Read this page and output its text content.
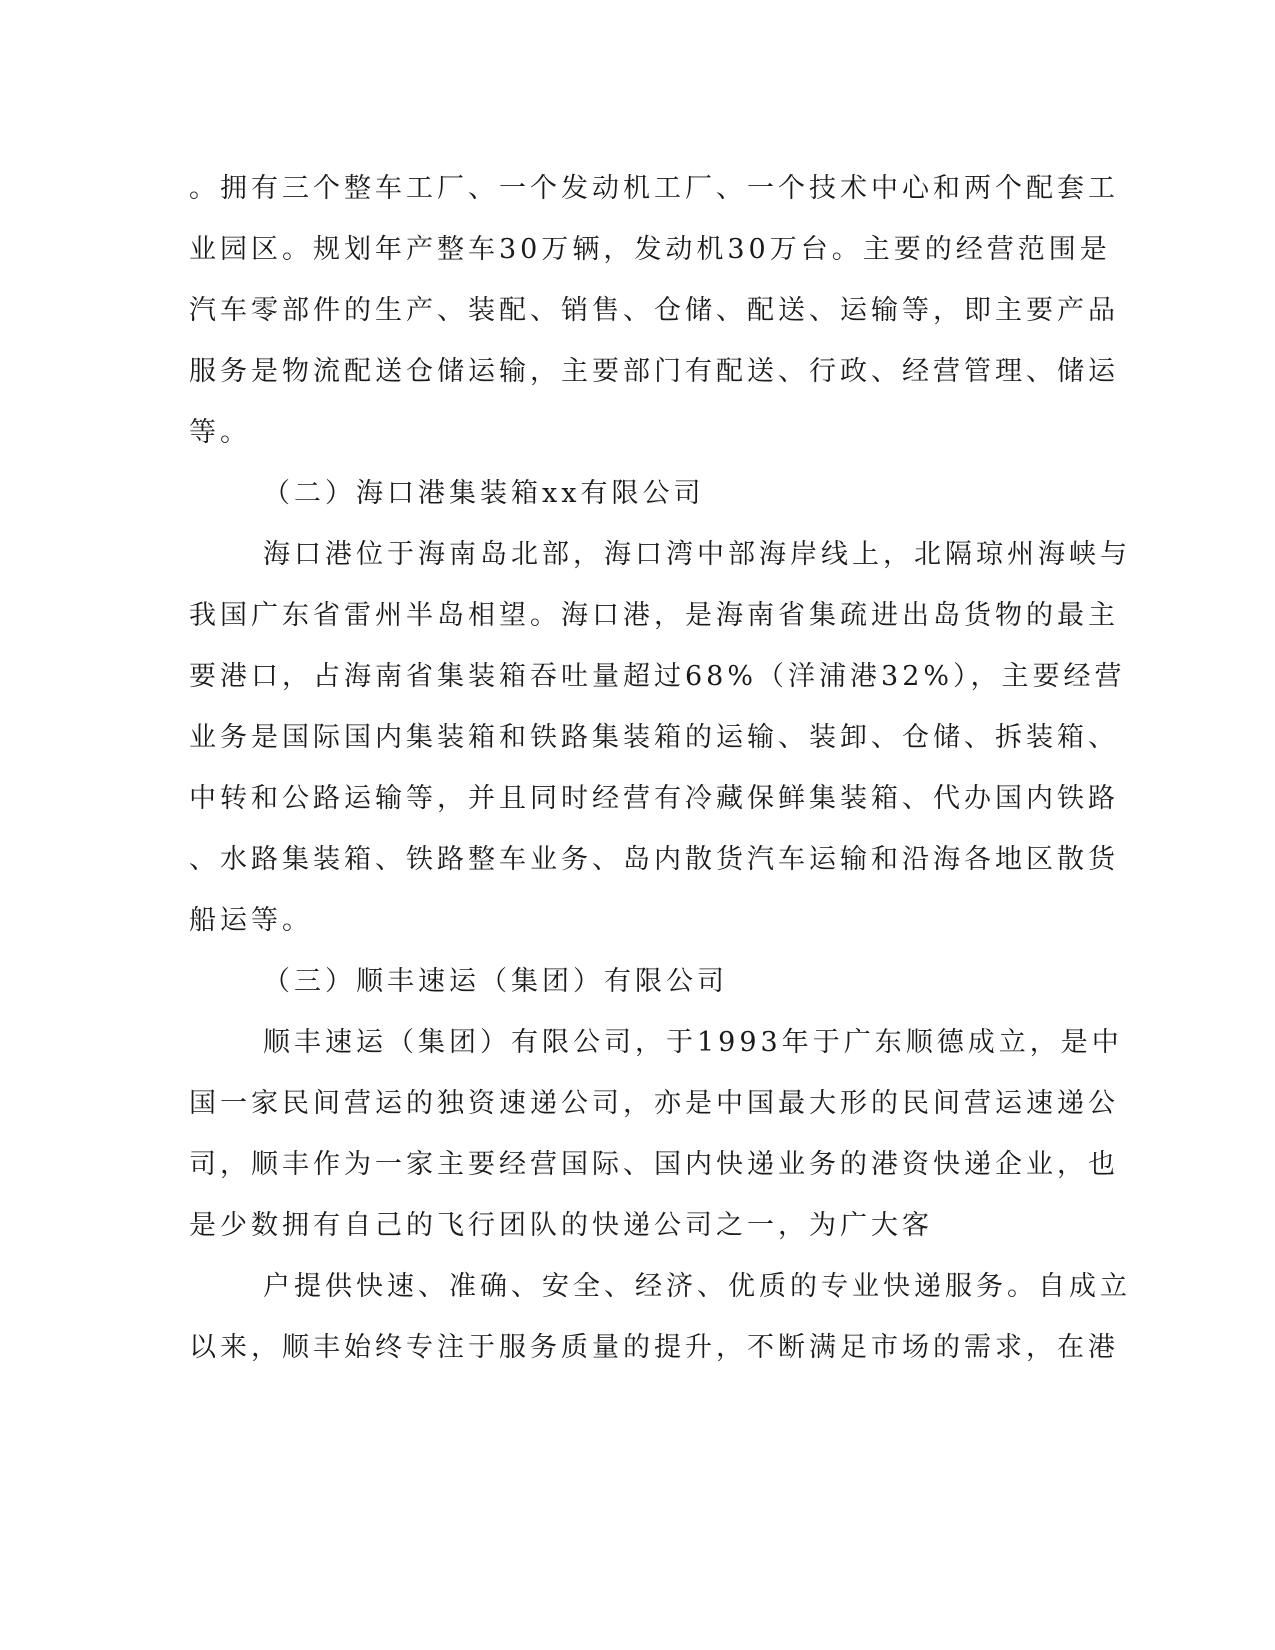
。拥有三个整车工厂、一个发动机工厂、一个技术中心和两个配套工
业园区。规划年产整车30万辆，发动机30万台。主要的经营范围是
汽车零部件的生产、装配、销售、仓储、配送、运输等，即主要产品
服务是物流配送仓储运输，主要部门有配送、行政、经营管理、储运
等。
（二）海口港集装箱xx有限公司
海口港位于海南岛北部，海口湾中部海岸线上，北隔琼州海峡与
我国广东省雷州半岛相望。海口港，是海南省集疏进出岛货物的最主
要港口，占海南省集装箱吞吐量超过68%（洋浦港32%），主要经营
业务是国际国内集装箱和铁路集装箱的运输、装卸、仓储、拆装箱、
中转和公路运输等，并且同时经营有冷藏保鲜集装箱、代办国内铁路
、水路集装箱、铁路整车业务、岛内散货汽车运输和沿海各地区散货
船运等。
（三）顺丰速运（集团）有限公司
顺丰速运（集团）有限公司，于1993年于广东顺德成立，是中
国一家民间营运的独资速递公司，亦是中国最大形的民间营运速递公
司，顺丰作为一家主要经营国际、国内快递业务的港资快递企业，也
是少数拥有自己的飞行团队的快递公司之一，为广大客
户提供快速、准确、安全、经济、优质的专业快递服务。自成立
以来，顺丰始终专注于服务质量的提升，不断满足市场的需求，在港
